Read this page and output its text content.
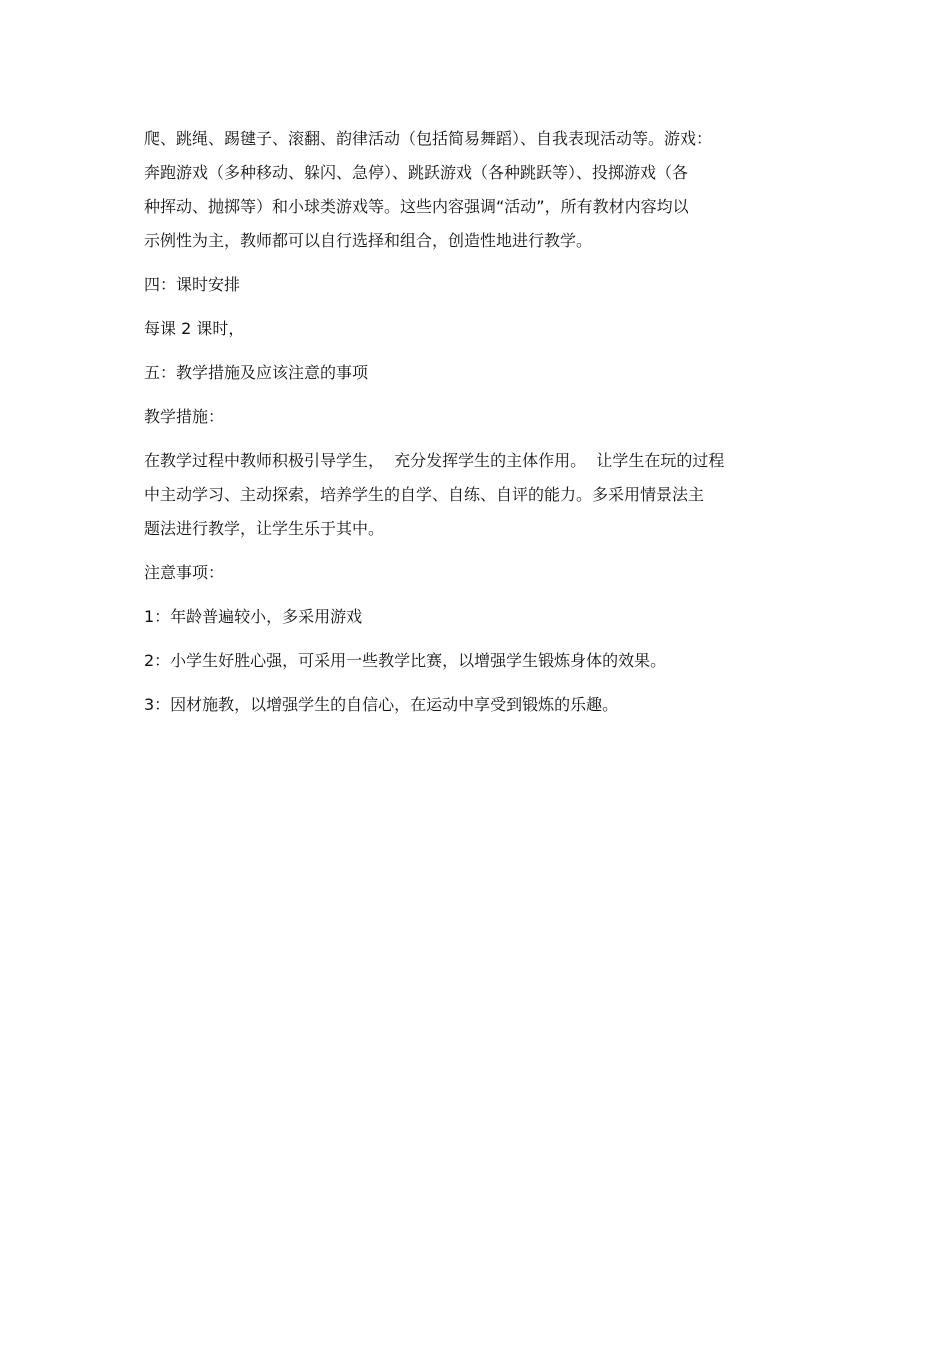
爬、跳绳、踢毽子、滚翻、韵律活动（包括简易舞蹈）、自我表现活动等。游戏：
奔跑游戏（多种移动、躲闪、急停）、跳跃游戏（各种跳跃等）、投掷游戏（各
种挥动、抛掷等）和小球类游戏等。这些内容强调“活动”，所有教材内容均以
示例性为主，教师都可以自行选择和组合，创造性地进行教学。

四：课时安排

每课 2 课时，

五：教学措施及应该注意的事项

教学措施：

在教学过程中教师积极引导学生，  充分发挥学生的主体作用。  让学生在玩的过程
中主动学习、主动探索，培养学生的自学、自练、自评的能力。多采用情景法主
题法进行教学，让学生乐于其中。

注意事项：

1：年龄普遍较小，多采用游戏

2：小学生好胜心强，可采用一些教学比赛，以增强学生锻炼身体的效果。

3：因材施教，以增强学生的自信心，在运动中享受到锻炼的乐趣。
